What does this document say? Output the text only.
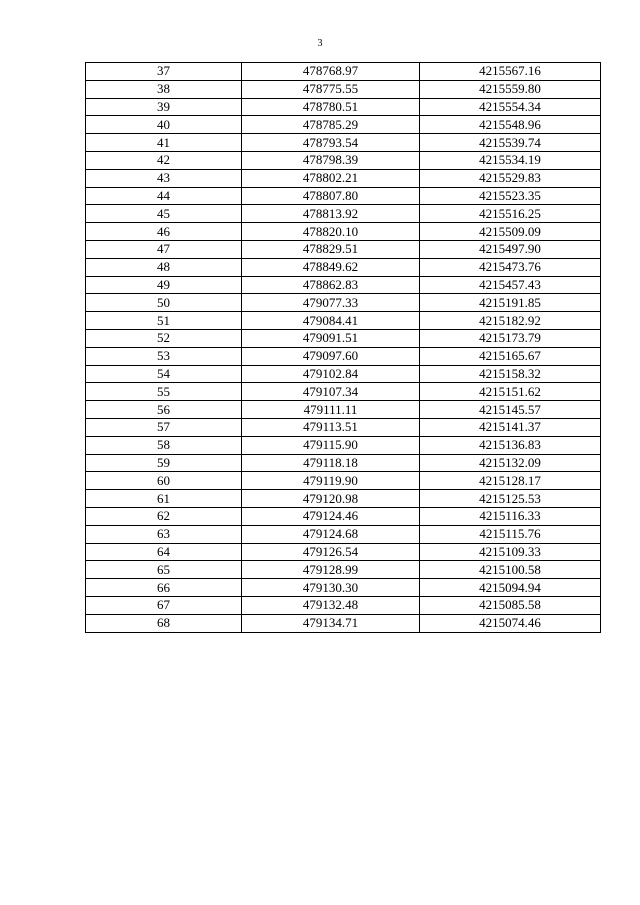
3
37	478768.97	4215567.16
38	478775.55	4215559.80
39	478780.51	4215554.34
40	478785.29	4215548.96
41	478793.54	4215539.74
42	478798.39	4215534.19
43	478802.21	4215529.83
44	478807.80	4215523.35
45	478813.92	4215516.25
46	478820.10	4215509.09
47	478829.51	4215497.90
48	478849.62	4215473.76
49	478862.83	4215457.43
50	479077.33	4215191.85
51	479084.41	4215182.92
52	479091.51	4215173.79
53	479097.60	4215165.67
54	479102.84	4215158.32
55	479107.34	4215151.62
56	479111.11	4215145.57
57	479113.51	4215141.37
58	479115.90	4215136.83
59	479118.18	4215132.09
60	479119.90	4215128.17
61	479120.98	4215125.53
62	479124.46	4215116.33
63	479124.68	4215115.76
64	479126.54	4215109.33
65	479128.99	4215100.58
66	479130.30	4215094.94
67	479132.48	4215085.58
68	479134.71	4215074.46
